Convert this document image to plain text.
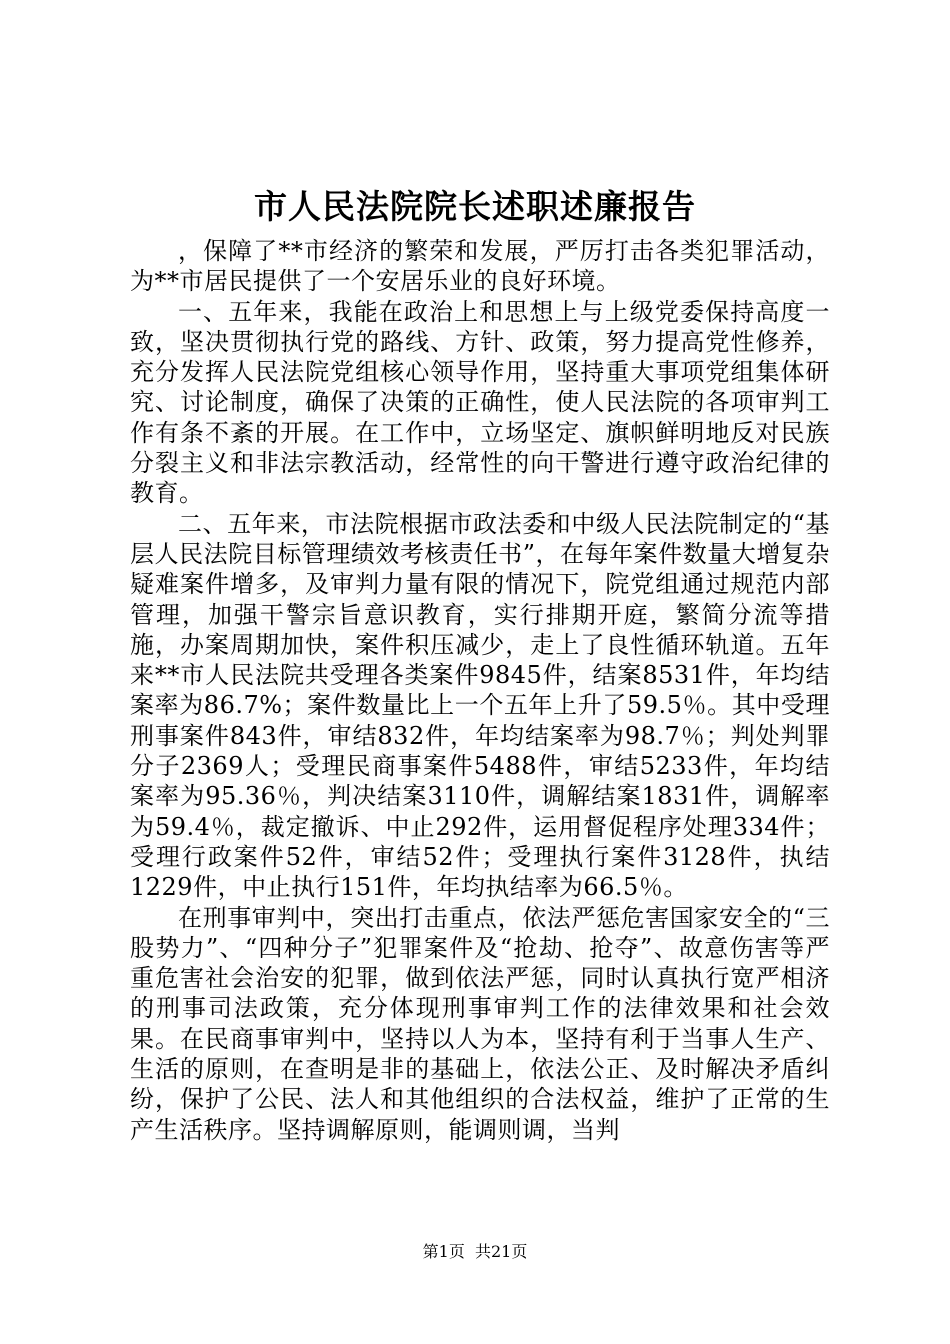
市人民法院院长述职述廉报告

，保障了**市经济的繁荣和发展，严厉打击各类犯罪活动，为**市居民提供了一个安居乐业的良好环境。

一、五年来，我能在政治上和思想上与上级党委保持高度一致，坚决贯彻执行党的路线、方针、政策，努力提高党性修养，充分发挥人民法院党组核心领导作用，坚持重大事项党组集体研究、讨论制度，确保了决策的正确性，使人民法院的各项审判工作有条不紊的开展。在工作中，立场坚定、旗帜鲜明地反对民族分裂主义和非法宗教活动，经常性的向干警进行遵守政治纪律的教育。

二、五年来，市法院根据市政法委和中级人民法院制定的“基层人民法院目标管理绩效考核责任书”，在每年案件数量大增复杂疑难案件增多，及审判力量有限的情况下，院党组通过规范内部管理，加强干警宗旨意识教育，实行排期开庭，繁简分流等措施，办案周期加快，案件积压减少，走上了良性循环轨道。五年来**市人民法院共受理各类案件9845件，结案8531件，年均结案率为86.7%；案件数量比上一个五年上升了59.5％。其中受理刑事案件843件，审结832件，年均结案率为98.7％；判处判罪分子2369人；受理民商事案件5488件，审结5233件，年均结案率为95.36％，判决结案3110件，调解结案1831件，调解率为59.4％，裁定撤诉、中止292件，运用督促程序处理334件；受理行政案件52件，审结52件；受理执行案件3128件，执结1229件，中止执行151件，年均执结率为66.5％。

在刑事审判中，突出打击重点，依法严惩危害国家安全的“三股势力”、“四种分子”犯罪案件及“抢劫、抢夺”、故意伤害等严重危害社会治安的犯罪，做到依法严惩，同时认真执行宽严相济的刑事司法政策，充分体现刑事审判工作的法律效果和社会效果。在民商事审判中，坚持以人为本，坚持有利于当事人生产、生活的原则，在查明是非的基础上，依法公正、及时解决矛盾纠纷，保护了公民、法人和其他组织的合法权益，维护了正常的生产生活秩序。坚持调解原则，能调则调，当判

第1页  共21页
